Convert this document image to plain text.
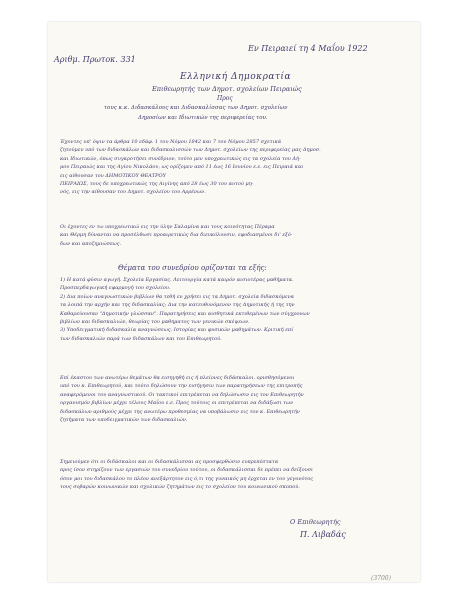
Αριθμ. Πρωτοκ. 331
Εν Πειραιεί τη 4 Μαΐου 1922
Ελληνική Δημοκρατία
Επιθεωρητής των Δημοτ. σχολείων Πειραιώς
Προς
τους κ.κ. Διδασκάλους και Διδασκαλίσσας των Δημοτ. σχολείων
Δημοσίων και Ιδιωτικών της περιφερείας του.
Έχοντες υπ' όψιν τα άρθρα 10 εδάφ. 1 του Νόμου 1842 και 7 του Νόμου 2857 σχετικά
ζητούμεν υπό των διδασκάλων και διδασκαλισσών των Δημοτ. σχολείων της περιφερείας μας Δημοσ.
και Ιδιωτικών, όπως συγκροτήσει συνέδριον, τούτο μεν υποχρεωτικώς εις τα σχολεία του Δή-
μου Πειραιώς και της Αγίου Νικολάου, ως ορίζομεν από 11 έως 16 Ιουνίου ε.ε. εις Πειραιά και
εις αίθουσαν του ΔΗΜΟΤΙΚΟΥ ΘΕΑΤΡΟΥ
ΠΕΙΡΑΙΩΣ, τους δε υποχρεωτικώς της Αιγίνης από 28 έως 30 του αυτού μη-
νός, εις την αίθουσαν του Δημοτ. σχολείου του Αρρένων.
Οι έχοντες εν τω υποχρεωτικώ εις την ύλην Σαλαμίνα και τους κοινότητας Πέραμα
και Θέρμη δύνανται να προσέλθωσι προαιρετικώς δια διευκόλυνσιν, εφοδιασμένοι δι' εξό-
δων και αποζημιώσεως.
Θέματα του συνεδρίου ορίζονται τα εξής:
1) Η κατά φύσιν αγωγή. Σχολεία Εργασίας. Λειτουργία κατά καιρόν αισιοτέρας μαθήματα.
Προσπερδαγωγική εφαρμογή του σχολείου.
2) Δια ποίων αναγνωστικών βιβλίων θα τεθή εν χρήσει εις τα Δημοτ. σχολεία διδασκόμενα
τα λοιπά την αρχήν και της διδασκαλίας; Δια την κατευθυνόμενον της Δημοτικής ή της την
Καθαρεύουσαν "Δημοτικήν γλώσσαν". Παρατηρήσεις και αισθητικά εκτιθεμένων των σύγχρονων
βιβλίων και διδασκαλιών, θεωρίας του μαθηματος των γενικών σκέψεων.
3) Υποδειγματική διδασκαλία αναγνώσεως, Ιστορίας και φυσικών μαθημάτων. Κριτική επί
των διδασκαλιών παρά των διδασκάλων και του Επιθεωρητού.
Επί έκαστου των ανωτέρω θεμάτων θα εισηγηθή εις ή πλείονες διδάσκαλοι, ορισθησόμενοι
υπό του κ. Επιθεωρητού, και τούτο δηλώσουν την εισήγησιν των παρατηρήσεων της επιτροπής
αναφερόμενοι του αναγνωστικού. Οι τακτικοί επιτρέπεται να δηλώσωσιν εις τον Επιθεωρητήν
οργανισμόν βιβλίων μέχρι τέλους Μαΐου ε.ε. Προς τούτοις οι επιτρέπεται να διδάξωσι των
διδασκάλων αριθμούς μέχρι της ανωτέρω προθεσμίας να υποβάλωσιν εις τον κ. Επιθεωρητήν
ζητήματα των υποδειγματικών των διδασκαλιών.
Σημειούμεν ότι οι διδάσκαλοι και οι διδασκάλισσαι ας προσφερθώσιν ευπρεπέστατα
προς ίσον στηρίζουν των εργασιών του συνεδρίου τούτου, οι διδασκάλισσαι δε πρέπει να δείξουσι
όσον μοι του διδασκάλου το πλέον ανεξάρτητον εις ό,τι της γυναικός μη έρχεται εν του γεγονότος
τους σοβαρών κοινωνικών και σχολικών ζητημάτων εις το σχολείον του κοινωνικού σκοπού.
Ο Επιθεωρητής
Π. Λιβαδάς
(3700)
